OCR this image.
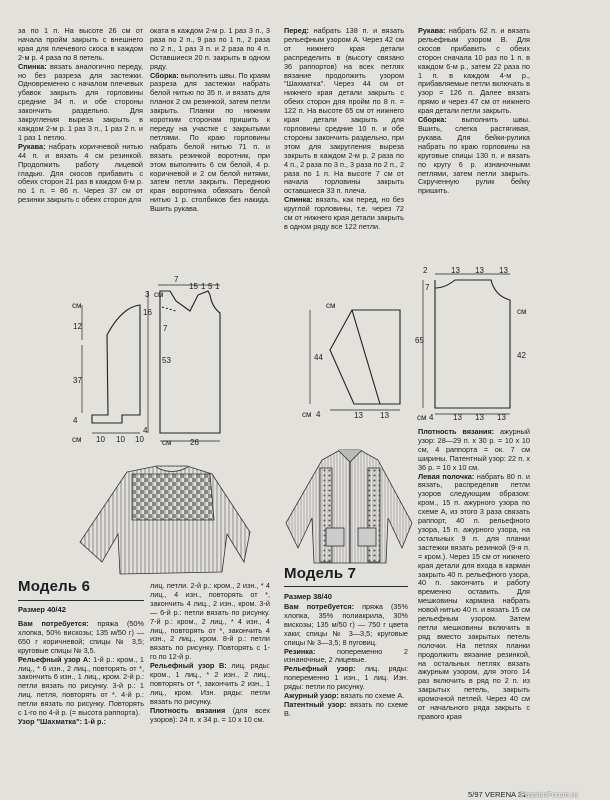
за по 1 п. На высоте 26 см от начала пройм закрыть с внешнего края для плечевого скоса в каждом 2-м р. 4 раза по 8 петель.

Спинка: вязать аналогично переду, но без разреза для застежки. Одновременно с началом плечевых убавок закрыть для горловины средние 34 п. и обе стороны закончить раздельно. Для закругления выреза закрыть в каждом 2-м р. 1 раз 3 п., 1 раз 2 п. и 1 раз 1 петлю.

Рукава: набрать коричневой нитью 44 п. и вязать 4 см резинкой. Продолжить работу лицевой гладью. Для скосов прибавить с обеих сторон 21 раз в каждом 6-м р. по 1 п. = 86 п. Через 37 см от резинки закрыть с обеих сторон для

оката в каждом 2-м р. 1 раз 3 п., 3 раза по 2 п., 9 раз по 1 п., 2 раза по 2 п., 1 раз 3 п. и 2 раза по 4 п. Оставшиеся 20 п. закрыть в одном ряду.

Сборка: выполнить швы. По краям разреза для застежки набрать белой нитью по 35 п. и вязать для планок 2 см резинкой, затем петли закрыть. Планки по нижним коротким сторонам пришить к переду на участке с закрытыми петлями. По краю горловины набрать белой нитью 71 п. и вязать резинкой воротник, при этом выполнить 6 см белой, 4 р. коричневой и 2 см белой нитями, затем петли закрыть. Переднюю края воротника обвязать белой нитью 1 р. столбиков без накида. Вшить рукава.

Перед: набрать 138 п. и вязать рельефным узором А. Через 42 см от нижнего края детали распределить в (высоту связано 36 раппортов) на всех петлях вязание продолжить узором "Шахматка". Через 44 см от нижнего края детали закрыть с обеих сторон для пройм по 8 п. = 122 п. На высоте 65 см от нижнего края детали закрыть для горловины средние 10 п. и обе стороны закончить раздельно, при этом для закругления выреза закрыть в каждом 2-м р. 2 раза по 4 п., 2 раза по 3 п., 3 раза по 2 п., 2 раза по 1 п. На высоте 7 см от начала горловины закрыть оставшиеся 33 п. плеча.

Спинка: вязать, как перед, но без круглой горловины, т.е. через 72 см от нижнего края детали закрыть в одном ряду все 122 петли.

Рукава: набрать 62 п. и вязать рельефным узором В. Для скосов прибавить с обеих сторон сначала 10 раз по 1 п. в каждом 6-м р., затем 22 раза по 1 п. в каждом 4-м р., прибавляемые петли включать в узор = 126 п. Далее вязать прямо и через 47 см от нижнего края детали петли закрыть.

Сборка: выполнить швы. Вшить, слегка растягивая, рукава. Для бейки-рулика набрать по краю горловины на круговые спицы 130 п. и вязать по кругу 6 р. изнаночными петлями, затем петли закрыть. Скрученную рулик бейку пришить.

см
12
37
4
см 10 10 10
7
15 1 5 1
3
16
см
7
53
4
26
см
см
44
см 4	13 13
2	13 13 13
7
см
65
42
см 4 13 13 13
Модель 6
Размер 40/42

Вам потребуется: пряжа (50% хлопка, 50% вискозы; 135 м/50 г) — 650 г коричневой; спицы № 3,5; круговые спицы № 3,5.

Рельефный узор А: 1-й р.: кром., 1 лиц., * 6 изн., 2 лиц., повторять от *, закончить 6 изн., 1 лиц., кром. 2-й р.: петли вязать по рисунку. 3-й р.: 1 лиц. петля, повторять от *. 4-й р.: петли вязать по рисунку. Повторять с 1-го по 4-й р. (= высота раппорта).

Узор "Шахматка": 1-й р.:

лиц. петли. 2-й р.: кром., 2 изн., * 4 лиц., 4 изн., повторять от *, закончить 4 лиц., 2 изн., кром. 3-й — 6-й р.: петли вязать по рисунку. 7-й р.: кром., 2 лиц., * 4 изн., 4 лиц., повторять от *, закончить 4 изн., 2 лиц., кром. 8-й р.: петли вязать по рисунку. Повторять с 1-го по 12-й р.

Рельефный узор В: лиц. ряды: кром., 1 лиц., * 2 изн., 2 лиц., повторять от *, закончить 2 изн., 1 лиц., кром. Изн. ряды: петли вязать по рисунку.

Плотность вязания (для всех узоров): 24 п. х 34 р. = 10 х 10 см.

Модель 7
Размер 38/40

Вам потребуется: пряжа (35% хлопка, 35% полиакрила, 30% вискозы; 135 м/50 г) — 750 г цвета хаки; спицы № 3—3,5; круговые спицы № 3—3,5; 8 пуговиц.

Резинка: попеременно 2 изнаночные, 2 лицевые.

Рельефный узор: лиц. ряды: попеременно 1 изн., 1 лиц. Изн. ряды: петли по рисунку.

Ажурный узор: вязать по схеме А.

Патентный узор: вязать по схеме В.

Плотность вязания: ажурный узор: 28—29 п. х 30 р. = 10 х 10 см, 4 раппорта = ок. 7 см ширины. Патентный узор: 22 п. х 36 р. = 10 х 10 см.

Левая полочка: набрать 80 п. и вязать, распределив петли узоров следующим образом: кром., 15 п. ажурного узора по схеме А, из этого 3 раза связать раппорт, 40 п. рельефного узора, 15 п. ажурного узора, на остальных 9 п. для планки застежки вязать резинкой (9-я п. = кром.). Через 15 см от нижнего края детали для входа в карман закрыть 40 п. рельефного узора, 40 п. закончить и работу временно оставить. Для мешковины кармана набрать новой нитью 40 п. и вязать 15 см рельефным узором. Затем петли мешковины включить в ряд вместо закрытых петель полочки. На петлях планки продолжить вязание резинкой, на остальных петлях вязать ажурным узором, для этого 14 раз включить в ряд по 2 п. из закрытых петель, закрыть кромочной петлей. Через 40 см от начального ряда закрыть с правого края

5/97 VERENA 31
PassionForum.ru
